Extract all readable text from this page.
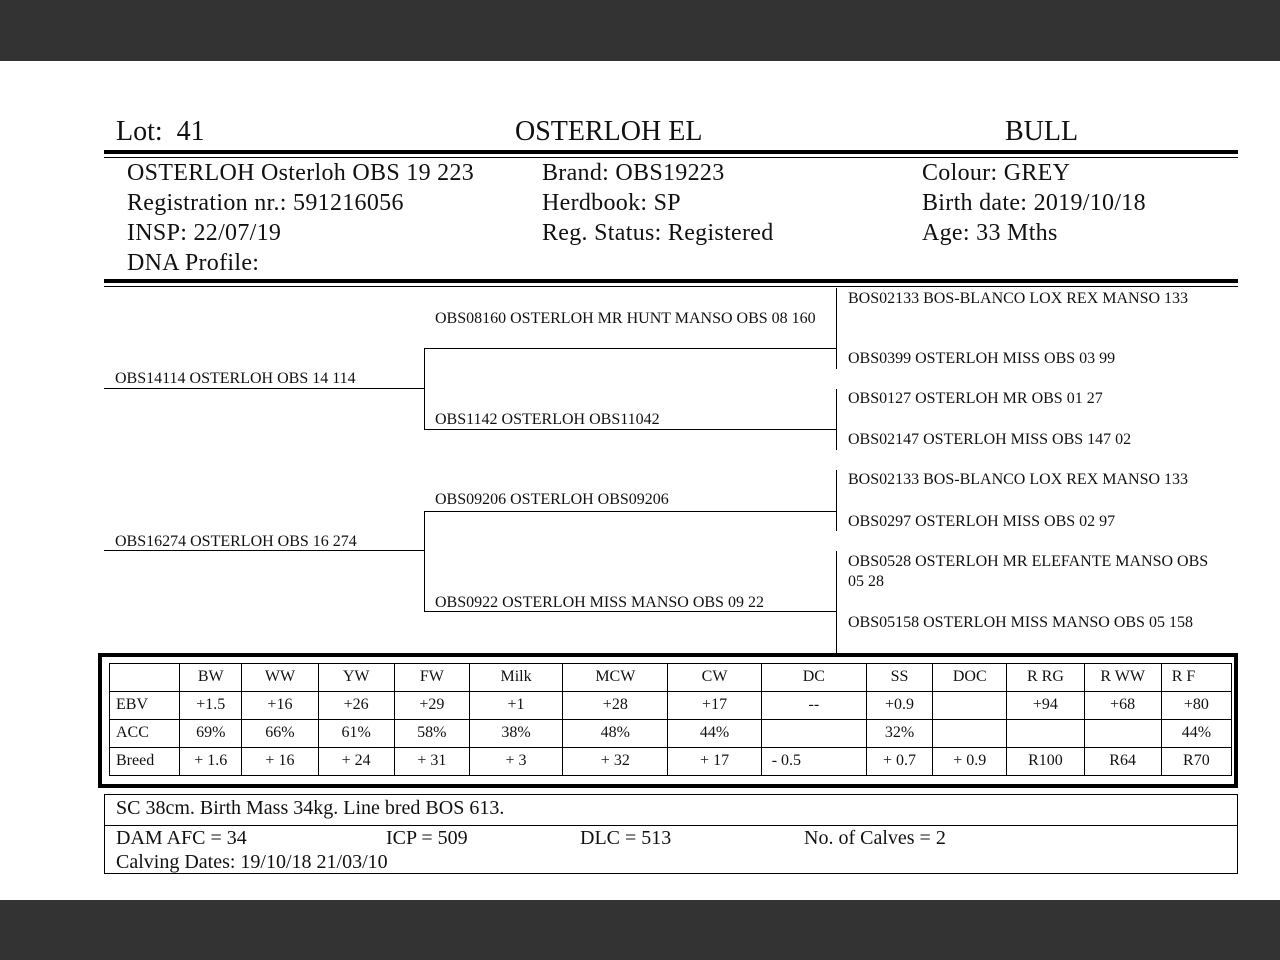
Lot: 41	OSTERLOH EL	BULL
OSTERLOH Osterloh OBS 19 223	Brand: OBS19223	Colour: GREY
Registration nr.: 591216056	Herdbook: SP	Birth date: 2019/10/18
INSP: 22/07/19	Reg. Status: Registered	Age: 33 Mths
DNA Profile:
OBS14114 OSTERLOH OBS 14 114
OBS16274 OSTERLOH OBS 16 274
OBS08160 OSTERLOH MR HUNT MANSO OBS 08 160
OBS1142 OSTERLOH OBS11042
OBS09206 OSTERLOH OBS09206
OBS0922 OSTERLOH MISS MANSO OBS 09 22
BOS02133 BOS-BLANCO LOX REX MANSO 133
OBS0399 OSTERLOH MISS OBS 03 99
OBS0127 OSTERLOH MR OBS 01 27
OBS02147 OSTERLOH MISS OBS 147 02
BOS02133 BOS-BLANCO LOX REX MANSO 133
OBS0297 OSTERLOH MISS OBS 02 97
OBS0528 OSTERLOH MR ELEFANTE MANSO OBS 05 28
OBS05158 OSTERLOH MISS MANSO OBS 05 158
	BW	WW	YW	FW	Milk	MCW	CW	DC	SS	DOC	R RG	R WW	R F
EBV	+1.5	+16	+26	+29	+1	+28	+17	--	+0.9		+94	+68	+80
ACC	69%	66%	61%	58%	38%	48%	44%		32%				44%
Breed	+ 1.6	+ 16	+ 24	+ 31	+ 3	+ 32	+ 17	- 0.5	+ 0.7	+ 0.9	R100	R64	R70
SC 38cm. Birth Mass 34kg. Line bred BOS 613.
DAM AFC = 34	ICP = 509	DLC = 513	No. of Calves = 2
Calving Dates: 19/10/18 21/03/10
